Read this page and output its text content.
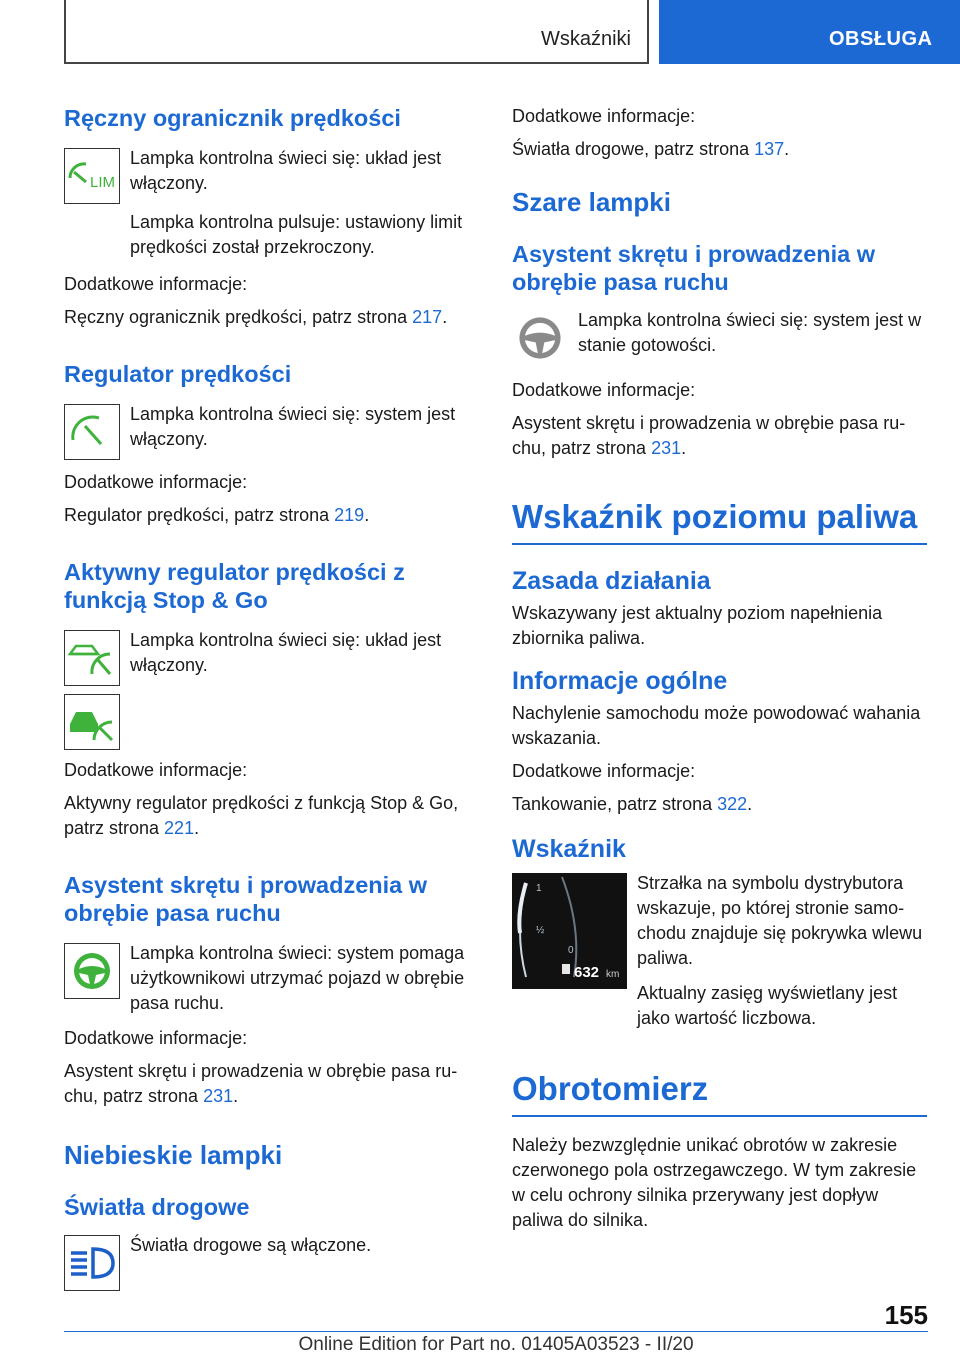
Wskaźniki	OBSŁUGA
Ręczny ogranicznik prędkości
LIM
Lampka kontrolna świeci się: układ jest włączony.
Lampka kontrolna pulsuje: ustawiony limit prędkości został przekroczony.
Dodatkowe informacje:
Ręczny ogranicznik prędkości, patrz strona 217.
Regulator prędkości
Lampka kontrolna świeci się: system jest włączony.
Dodatkowe informacje:
Regulator prędkości, patrz strona 219.
Aktywny regulator prędkości z funkcją Stop & Go
Lampka kontrolna świeci się: układ jest włączony.
Dodatkowe informacje:
Aktywny regulator prędkości z funkcją Stop & Go, patrz strona 221.
Asystent skrętu i prowadzenia w obrębie pasa ruchu
Lampka kontrolna świeci: system pomaga użytkownikowi utrzymać pojazd w obrębie pasa ruchu.
Dodatkowe informacje:
Asystent skrętu i prowadzenia w obrębie pasa ruchu, patrz strona 231.
Niebieskie lampki
Światła drogowe
Światła drogowe są włączone.
Dodatkowe informacje:
Światła drogowe, patrz strona 137.
Szare lampki
Asystent skrętu i prowadzenia w obrębie pasa ruchu
Lampka kontrolna świeci się: system jest w stanie gotowości.
Dodatkowe informacje:
Asystent skrętu i prowadzenia w obrębie pasa ruchu, patrz strona 231.
Wskaźnik poziomu paliwa
Zasada działania
Wskazywany jest aktualny poziom napełnienia zbiornika paliwa.
Informacje ogólne
Nachylenie samochodu może powodować wahania wskazania.
Dodatkowe informacje:
Tankowanie, patrz strona 322.
Wskaźnik
1
½
0
632 km
Strzałka na symbolu dystrybutora wskazuje, po której stronie samochodu znajduje się pokrywka wlewu paliwa.
Aktualny zasięg wyświetlany jest jako wartość liczbowa.
Obrotomierz
Należy bezwzględnie unikać obrotów w zakresie czerwonego pola ostrzegawczego. W tym zakresie w celu ochrony silnika przerywany jest dopływ paliwa do silnika.
155
Online Edition for Part no. 01405A03523 - II/20
